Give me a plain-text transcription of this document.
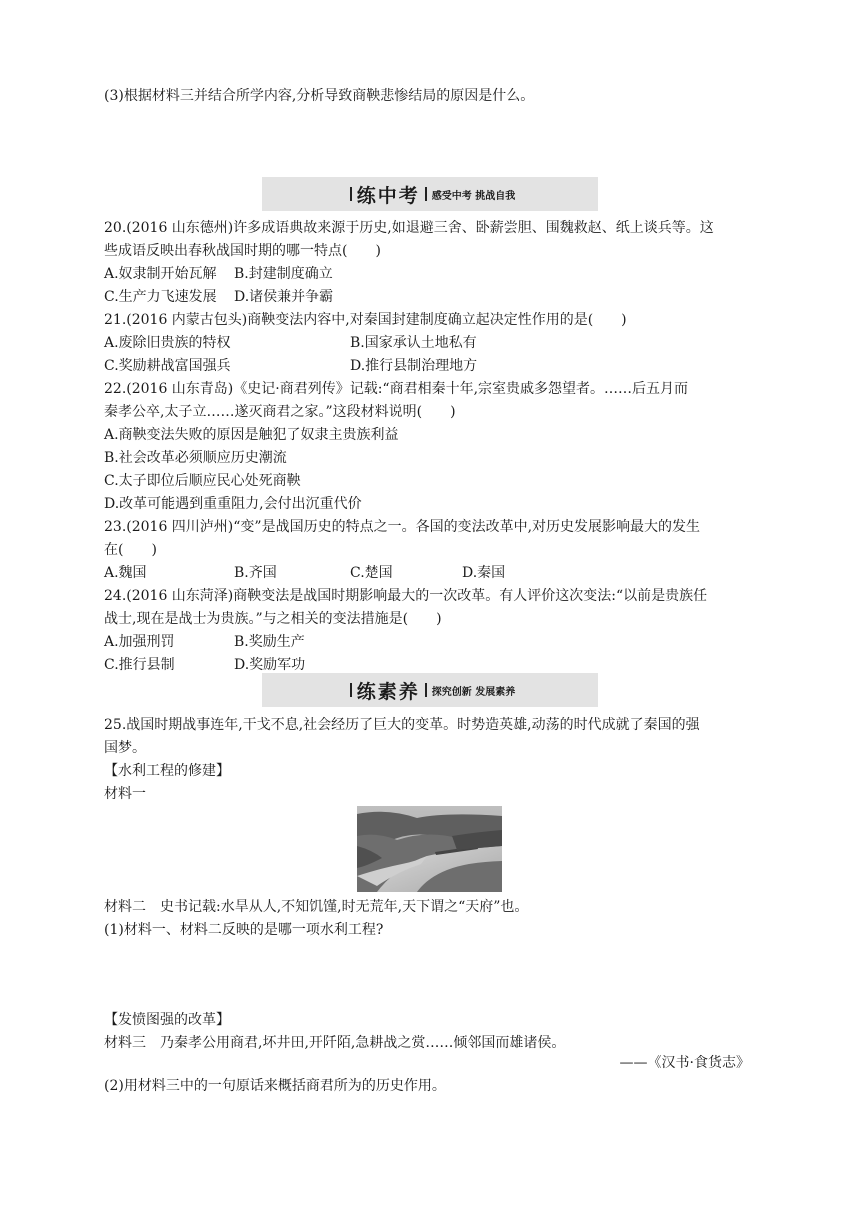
(3)根据材料三并结合所学内容,分析导致商鞅悲惨结局的原因是什么。
练中考 感受中考 挑战自我
20.(2016 山东德州)许多成语典故来源于历史,如退避三舍、卧薪尝胆、围魏救赵、纸上谈兵等。这
些成语反映出春秋战国时期的哪一特点(　　)
A.奴隶制开始瓦解 B.封建制度确立
C.生产力飞速发展 D.诸侯兼并争霸
21.(2016 内蒙古包头)商鞅变法内容中,对秦国封建制度确立起决定性作用的是(　　)
A.废除旧贵族的特权	B.国家承认土地私有
C.奖励耕战富国强兵	D.推行县制治理地方
22.(2016 山东青岛)《史记·商君列传》记载:“商君相秦十年,宗室贵戚多怨望者。……后五月而
秦孝公卒,太子立……遂灭商君之家。”这段材料说明(　　)
A.商鞅变法失败的原因是触犯了奴隶主贵族利益
B.社会改革必须顺应历史潮流
C.太子即位后顺应民心处死商鞅
D.改革可能遇到重重阻力,会付出沉重代价
23.(2016 四川泸州)“变”是战国历史的特点之一。各国的变法改革中,对历史发展影响最大的发生
在(　　)
A.魏国	B.齐国	C.楚国	D.秦国
24.(2016 山东菏泽)商鞅变法是战国时期影响最大的一次改革。有人评价这次变法:“以前是贵族任
战士,现在是战士为贵族。”与之相关的变法措施是(　　)
A.加强刑罚	B.奖励生产
C.推行县制	D.奖励军功
练素养 探究创新 发展素养
25.战国时期战事连年,干戈不息,社会经历了巨大的变革。时势造英雄,动荡的时代成就了秦国的强
国梦。
【水利工程的修建】
材料一
材料二　史书记载:水旱从人,不知饥馑,时无荒年,天下谓之“天府”也。
(1)材料一、材料二反映的是哪一项水利工程?
【发愤图强的改革】
材料三　乃秦孝公用商君,坏井田,开阡陌,急耕战之赏……倾邻国而雄诸侯。
——《汉书·食货志》
(2)用材料三中的一句原话来概括商君所为的历史作用。
